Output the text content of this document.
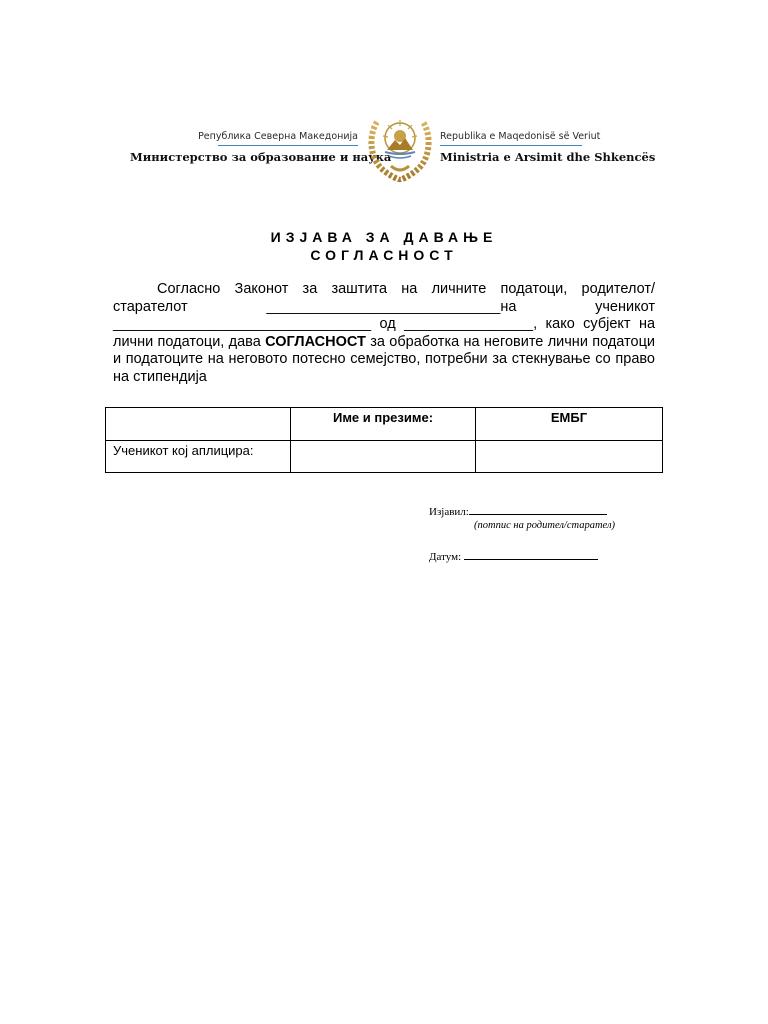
Република Северна Македонија
Министерство за образование и наука
Republika e Maqedonisë së Veriut
Ministria e Arsimit dhe Shkencës
ИЗЈАВА ЗА ДАВАЊЕ
СОГЛАСНОСТ
Согласно Законот за заштита на личните податоци, родителот/старателот	_____________________________на ученикот ________________________________ од ________________, како субјект на лични податоци, дава СОГЛАСНОСТ за обработка на неговите лични податоци и податоците на неговото потесно семејство, потребни за стекнување со право на стипендија
	Име и презиме:	ЕМБГ
Ученикот кој аплицира:		
Изјавил:
(потпис на родител/старател)
Датум:
